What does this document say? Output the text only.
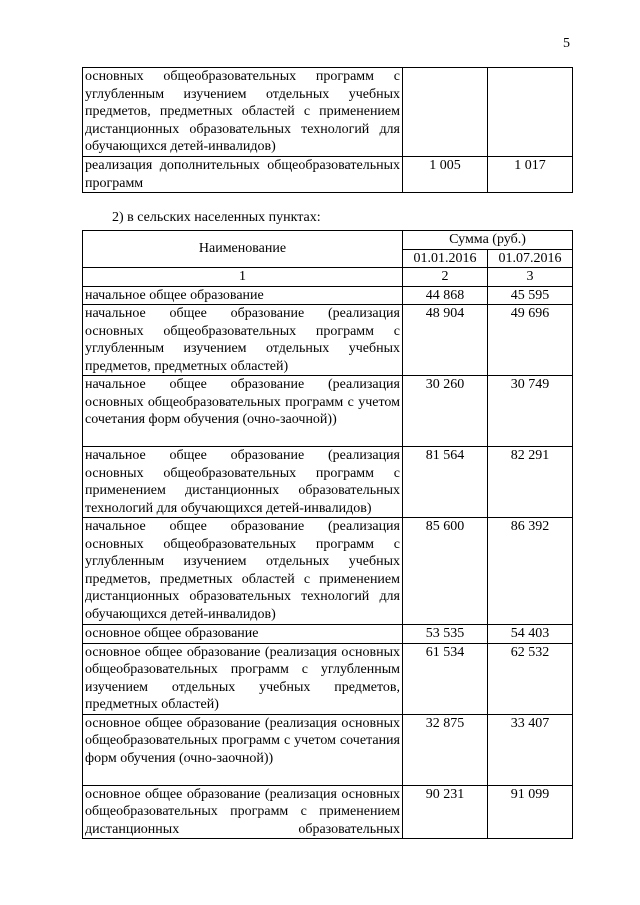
5
основных общеобразовательных программ с углубленным изучением отдельных учебных предметов, предметных областей с применением дистанционных образовательных технологий для обучающихся детей-инвалидов)		

реализация дополнительных общеобразовательных программ	1 005	1 017
2) в сельских населенных пунктах:
Наименование	Сумма (руб.)	
	01.01.2016	01.07.2016
1	2	3
начальное общее образование	44 868	45 595
начальное общее образование (реализация основных общеобразовательных программ с углубленным изучением отдельных учебных предметов, предметных областей)	48 904	49 696
начальное общее образование (реализация основных общеобразовательных программ с учетом сочетания форм обучения (очно-заочной))	30 260	30 749
начальное общее образование (реализация основных общеобразовательных программ с применением дистанционных образовательных технологий для обучающихся детей-инвалидов)	81 564	82 291
начальное общее образование (реализация основных общеобразовательных программ с углубленным изучением отдельных учебных предметов, предметных областей с применением дистанционных образовательных технологий для обучающихся детей-инвалидов)	85 600	86 392
основное общее образование	53 535	54 403
основное общее образование (реализация основных общеобразовательных программ с углубленным изучением отдельных учебных предметов, предметных областей)	61 534	62 532
основное общее образование (реализация основных общеобразовательных программ с учетом сочетания форм обучения (очно-заочной))	32 875	33 407
основное общее образование (реализация основных общеобразовательных программ с применением дистанционных образовательных	90 231	91 099
